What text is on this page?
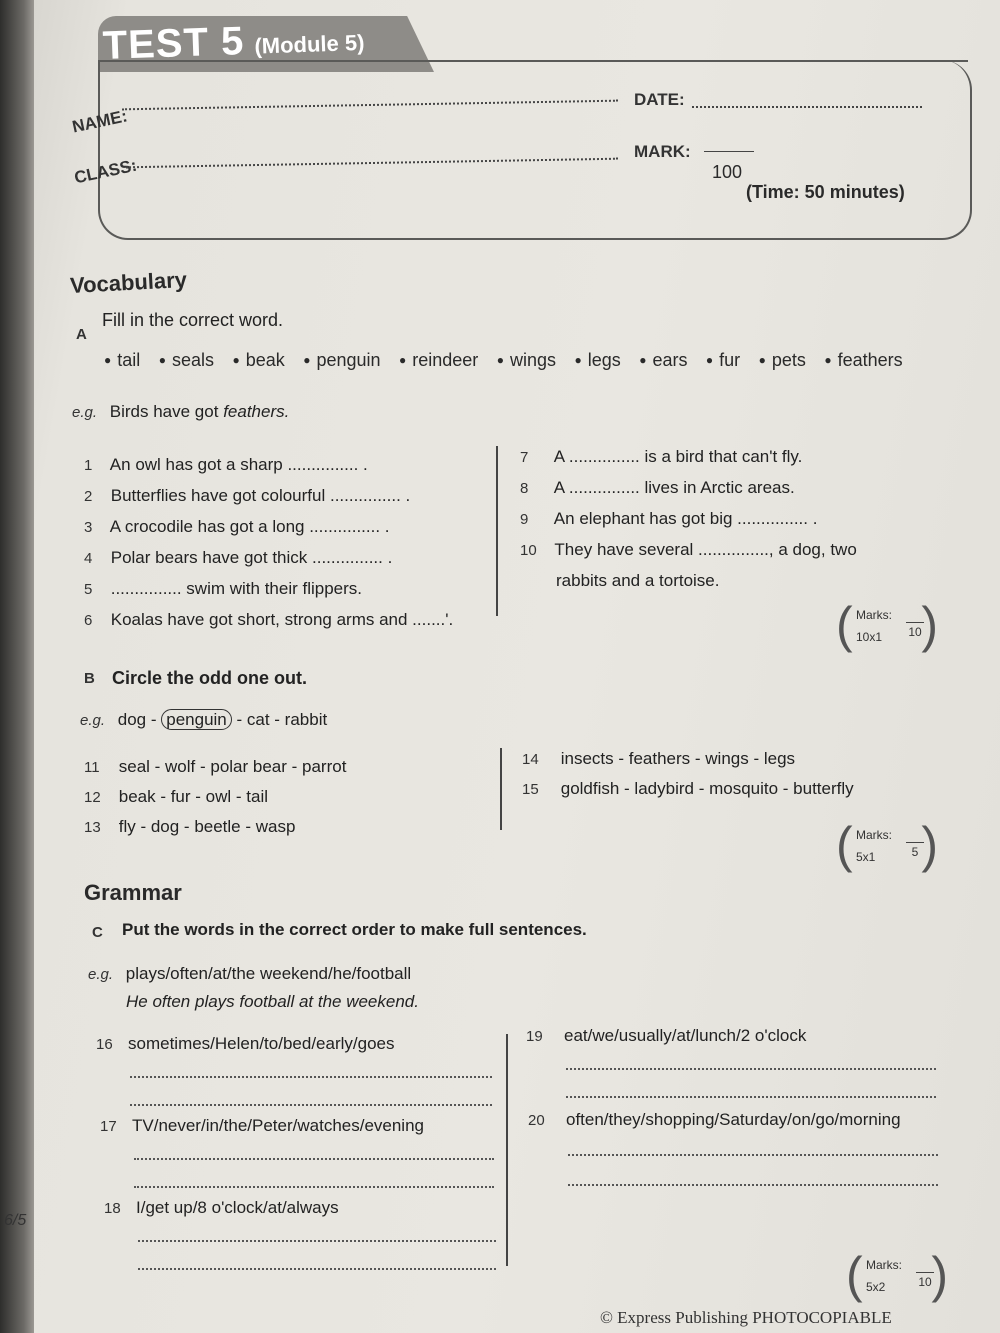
6/5
TEST 5 (Module 5)
NAME:
DATE:
CLASS:
MARK:
100
(Time: 50 minutes)
Vocabulary
A
Fill in the correct word.
● tail ● seals ● beak ● penguin ● reindeer ● wings ● legs ● ears ● fur ● pets ● feathers
e.g. Birds have got feathers.
1 An owl has got a sharp ............... .
2 Butterflies have got colourful ............... .
3 A crocodile has got a long ............... .
4 Polar bears have got thick ............... .
5 ............... swim with their flippers.
6 Koalas have got short, strong arms and .......'.
7 A ............... is a bird that can't fly.
8 A ............... lives in Arctic areas.
9 An elephant has got big ............... .
10 They have several ..............., a dog, two
rabbits and a tortoise.
( )
Marks:
10x1 10
B Circle the odd one out.
e.g. dog - penguin - cat - rabbit
11 seal - wolf - polar bear - parrot
12 beak - fur - owl - tail
13 fly - dog - beetle - wasp
14 insects - feathers - wings - legs
15 goldfish - ladybird - mosquito - butterfly
( )
Marks:
5x1	5
Grammar
C Put the words in the correct order to make full sentences.
e.g. plays/often/at/the weekend/he/football
He often plays football at the weekend.
16 sometimes/Helen/to/bed/early/goes
17 TV/never/in/the/Peter/watches/evening
18 I/get up/8 o'clock/at/always
19 eat/we/usually/at/lunch/2 o'clock
20 often/they/shopping/Saturday/on/go/morning
( )
Marks:
5x2	10
© Express Publishing PHOTOCOPIABLE
